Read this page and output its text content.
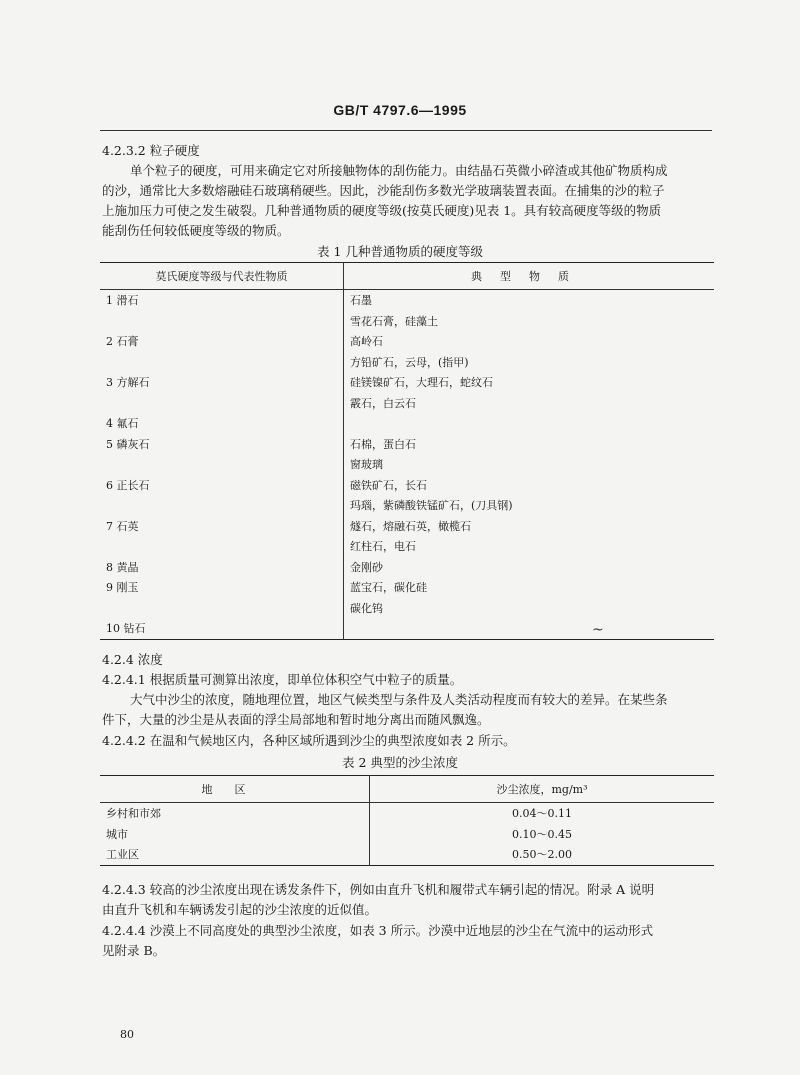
GB/T 4797.6—1995
4.2.3.2 粒子硬度
单个粒子的硬度，可用来确定它对所接触物体的刮伤能力。由结晶石英微小碎渣或其他矿物质构成
的沙，通常比大多数熔融硅石玻璃稍硬些。因此，沙能刮伤多数光学玻璃装置表面。在捕集的沙的粒子
上施加压力可使之发生破裂。几种普通物质的硬度等级(按莫氏硬度)见表 1。具有较高硬度等级的物质
能刮伤任何较低硬度等级的物质。
表 1 几种普通物质的硬度等级
莫氏硬度等级与代表性物质	典型物质
1 滑石	石墨
	雪花石膏，硅藻土
2 石膏	高岭石
	方铅矿石，云母，(指甲)
3 方解石	硅镁镍矿石，大理石，蛇纹石
	霰石，白云石
4 氟石	
5 磷灰石	石棉，蛋白石
	窗玻璃
6 正长石	磁铁矿石，长石
	玛瑙，紫磷酸铁锰矿石，(刀具钢)
7 石英	燧石，熔融石英，橄榄石
	红柱石，电石
8 黄晶	金刚砂
9 刚玉	蓝宝石，碳化硅
	碳化钨
10 钻石		~
4.2.4 浓度
4.2.4.1 根据质量可测算出浓度，即单位体积空气中粒子的质量。
大气中沙尘的浓度，随地理位置，地区气候类型与条件及人类活动程度而有较大的差异。在某些条
件下，大量的沙尘是从表面的浮尘局部地和暂时地分离出而随风飘逸。
4.2.4.2 在温和气候地区内，各种区域所遇到沙尘的典型浓度如表 2 所示。
表 2 典型的沙尘浓度
地区	沙尘浓度，mg/m³
乡村和市郊	0.04～0.11
城市	0.10～0.45
工业区	0.50～2.00
4.2.4.3 较高的沙尘浓度出现在诱发条件下，例如由直升飞机和履带式车辆引起的情况。附录 A 说明
由直升飞机和车辆诱发引起的沙尘浓度的近似值。
4.2.4.4 沙漠上不同高度处的典型沙尘浓度，如表 3 所示。沙漠中近地层的沙尘在气流中的运动形式
见附录 B。
80
